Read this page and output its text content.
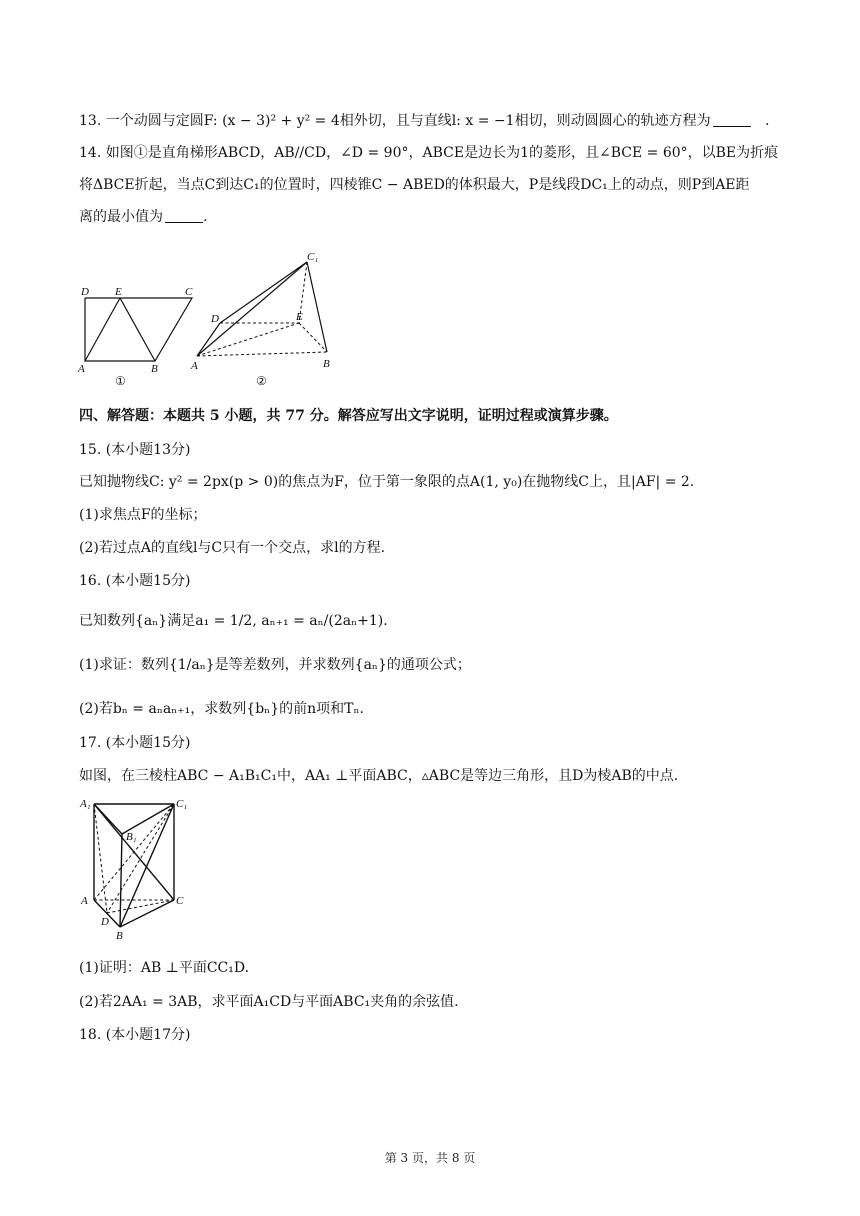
13. 一个动圆与定圆F: (x − 3)² + y² = 4相外切，且与直线l: x = −1相切，则动圆圆心的轨迹方程为	.
14. 如图①是直角梯形ABCD，AB//CD，∠D = 90°，ABCE是边长为1的菱形，且∠BCE = 60°，以BE为折痕
将ΔBCE折起，当点C到达C₁的位置时，四棱锥C − ABED的体积最大，P是线段DC₁上的动点，则P到AE距
离的最小值为	.
D E	C
A	B
①
C₁
D	E
A	B
②
四、解答题：本题共 5 小题，共 77 分。解答应写出文字说明，证明过程或演算步骤。
15. (本小题13分)
已知抛物线C: y² = 2px(p > 0)的焦点为F，位于第一象限的点A(1, y₀)在抛物线C上，且|AF| = 2.
(1)求焦点F的坐标；
(2)若过点A的直线l与C只有一个交点，求l的方程.
16. (本小题15分)
已知数列{aₙ}满足a₁ = 1/2, aₙ₊₁ = aₙ/(2aₙ+1).
(1)求证：数列{1/aₙ}是等差数列，并求数列{aₙ}的通项公式；
(2)若bₙ = aₙaₙ₊₁，求数列{bₙ}的前n项和Tₙ.
17. (本小题15分)
如图，在三棱柱ABC − A₁B₁C₁中，AA₁ ⊥平面ABC，▵ABC是等边三角形，且D为棱AB的中点.
A₁	C₁
B₁
A	C
D
B
(1)证明：AB ⊥平面CC₁D.
(2)若2AA₁ = 3AB，求平面A₁CD与平面ABC₁夹角的余弦值.
18. (本小题17分)
第 3 页，共 8 页
